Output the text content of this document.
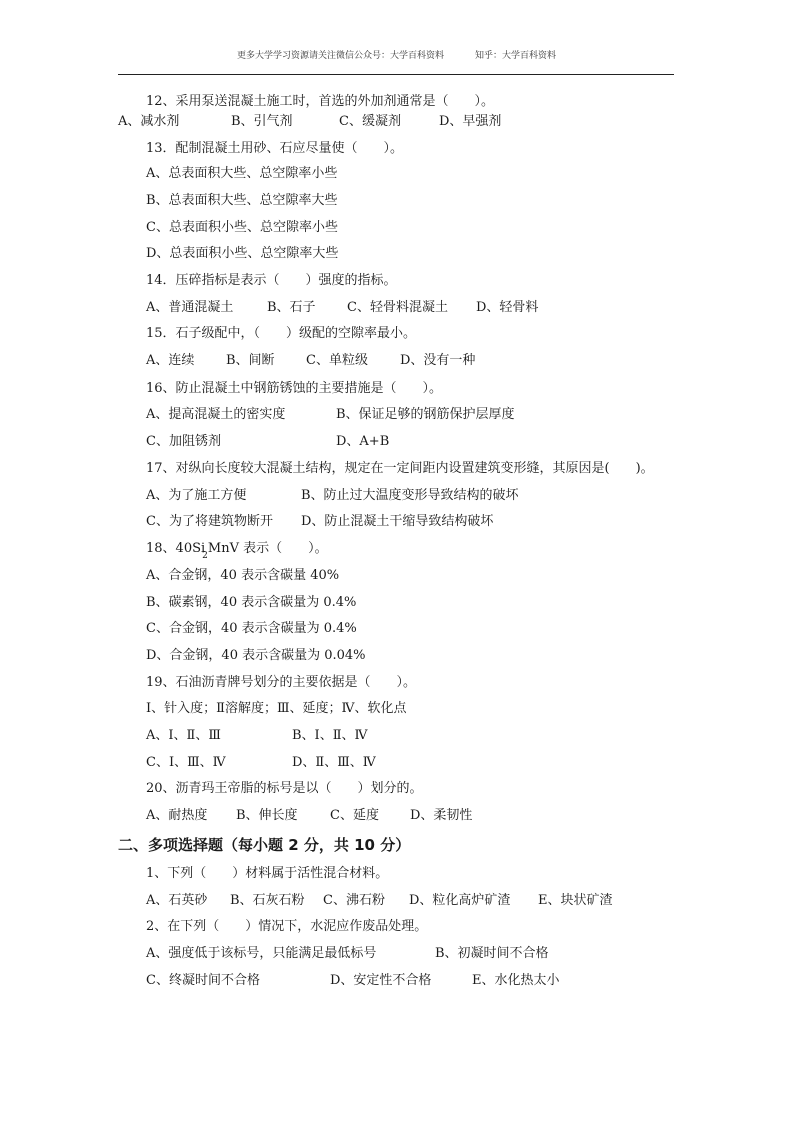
更多大学学习资源请关注微信公众号：大学百科资料	知乎：大学百科资料
12、采用泵送混凝土施工时，首选的外加剂通常是（　　）。
A、减水剂	B、引气剂	C、缓凝剂	D、早强剂
13．配制混凝土用砂、石应尽量使（　　）。
A、总表面积大些、总空隙率小些
B、总表面积大些、总空隙率大些
C、总表面积小些、总空隙率小些
D、总表面积小些、总空隙率大些
14．压碎指标是表示（　　）强度的指标。
A、普通混凝土	B、石子 C、轻骨料混凝土 D、轻骨料
15．石子级配中，（　　）级配的空隙率最小。
A、连续 B、间断 C、单粒级 D、没有一种
16、防止混凝土中钢筋锈蚀的主要措施是（　　）。
A、提高混凝土的密实度	B、保证足够的钢筋保护层厚度
C、加阻锈剂	D、A+B
17、对纵向长度较大混凝土结构，规定在一定间距内设置建筑变形缝，其原因是(　　)。
A、为了施工方便	B、防止过大温度变形导致结构的破坏
C、为了将建筑物断开 D、防止混凝土干缩导致结构破坏
18、$40Si_2MnV$ 表示（　　）。
A、合金钢，40 表示含碳量 40%
B、碳素钢，40 表示含碳量为 0.4%
C、合金钢，40 表示含碳量为 0.4%
D、合金钢，40 表示含碳量为 0.04%
19、石油沥青牌号划分的主要依据是（　　）。
Ⅰ、针入度；Ⅱ溶解度；Ⅲ、延度；Ⅳ、软化点
A、Ⅰ、Ⅱ、Ⅲ	B、Ⅰ、Ⅱ、Ⅳ
C、Ⅰ、Ⅲ、Ⅳ	D、Ⅱ、Ⅲ、Ⅳ
20、沥青玛王帝脂的标号是以（　　）划分的。
A、耐热度 B、伸长度 C、延度 D、柔韧性
二、多项选择题（每小题 2 分，共 10 分）
1、下列（　　）材料属于活性混合材料。
A、石英砂 B、石灰石粉 C、沸石粉 D、粒化高炉矿渣 E、块状矿渣
2、在下列（　　）情况下，水泥应作废品处理。
A、强度低于该标号，只能满足最低标号	B、初凝时间不合格
C、终凝时间不合格	D、安定性不合格	E、水化热太小
